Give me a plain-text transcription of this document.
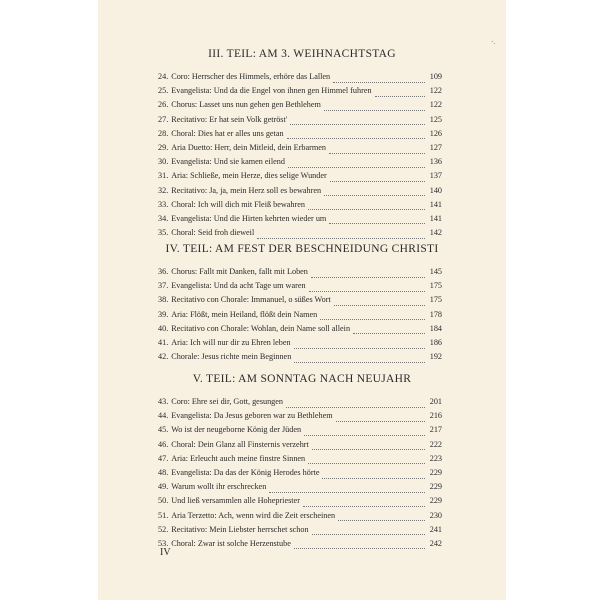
·.
III. TEIL: AM 3. WEIHNACHTSTAG
24. Coro: Herrscher des Himmels, erhöre das Lallen	109
25. Evangelista: Und da die Engel von ihnen gen Himmel fuhren	122
26. Chorus: Lasset uns nun gehen gen Bethlehem	122
27. Recitativo: Er hat sein Volk getröst'	125
28. Choral: Dies hat er alles uns getan	126
29. Aria Duetto: Herr, dein Mitleid, dein Erbarmen	127
30. Evangelista: Und sie kamen eilend	136
31. Aria: Schließe, mein Herze, dies selige Wunder	137
32. Recitativo: Ja, ja, mein Herz soll es bewahren	140
33. Choral: Ich will dich mit Fleiß bewahren	141
34. Evangelista: Und die Hirten kehrten wieder um	141
35. Choral: Seid froh dieweil	142
IV. TEIL: AM FEST DER BESCHNEIDUNG CHRISTI
36. Chorus: Fallt mit Danken, fallt mit Loben	145
37. Evangelista: Und da acht Tage um waren	175
38. Recitativo con Chorale: Immanuel, o süßes Wort	175
39. Aria: Flößt, mein Heiland, flößt dein Namen	178
40. Recitativo con Chorale: Wohlan, dein Name soll allein	184
41. Aria: Ich will nur dir zu Ehren leben	186
42. Chorale: Jesus richte mein Beginnen	192
V. TEIL: AM SONNTAG NACH NEUJAHR
43. Coro: Ehre sei dir, Gott, gesungen	201
44. Evangelista: Da Jesus geboren war zu Bethlehem	216
45. Wo ist der neugeborne König der Jüden	217
46. Choral: Dein Glanz all Finsternis verzehrt	222
47. Aria: Erleucht auch meine finstre Sinnen	223
48. Evangelista: Da das der König Herodes hörte	229
49. Warum wollt ihr erschrecken	229
50. Und ließ versammlen alle Hohepriester	229
51. Aria Terzetto: Ach, wenn wird die Zeit erscheinen	230
52. Recitativo: Mein Liebster herrschet schon	241
53. Choral: Zwar ist solche Herzenstube	242
IV
